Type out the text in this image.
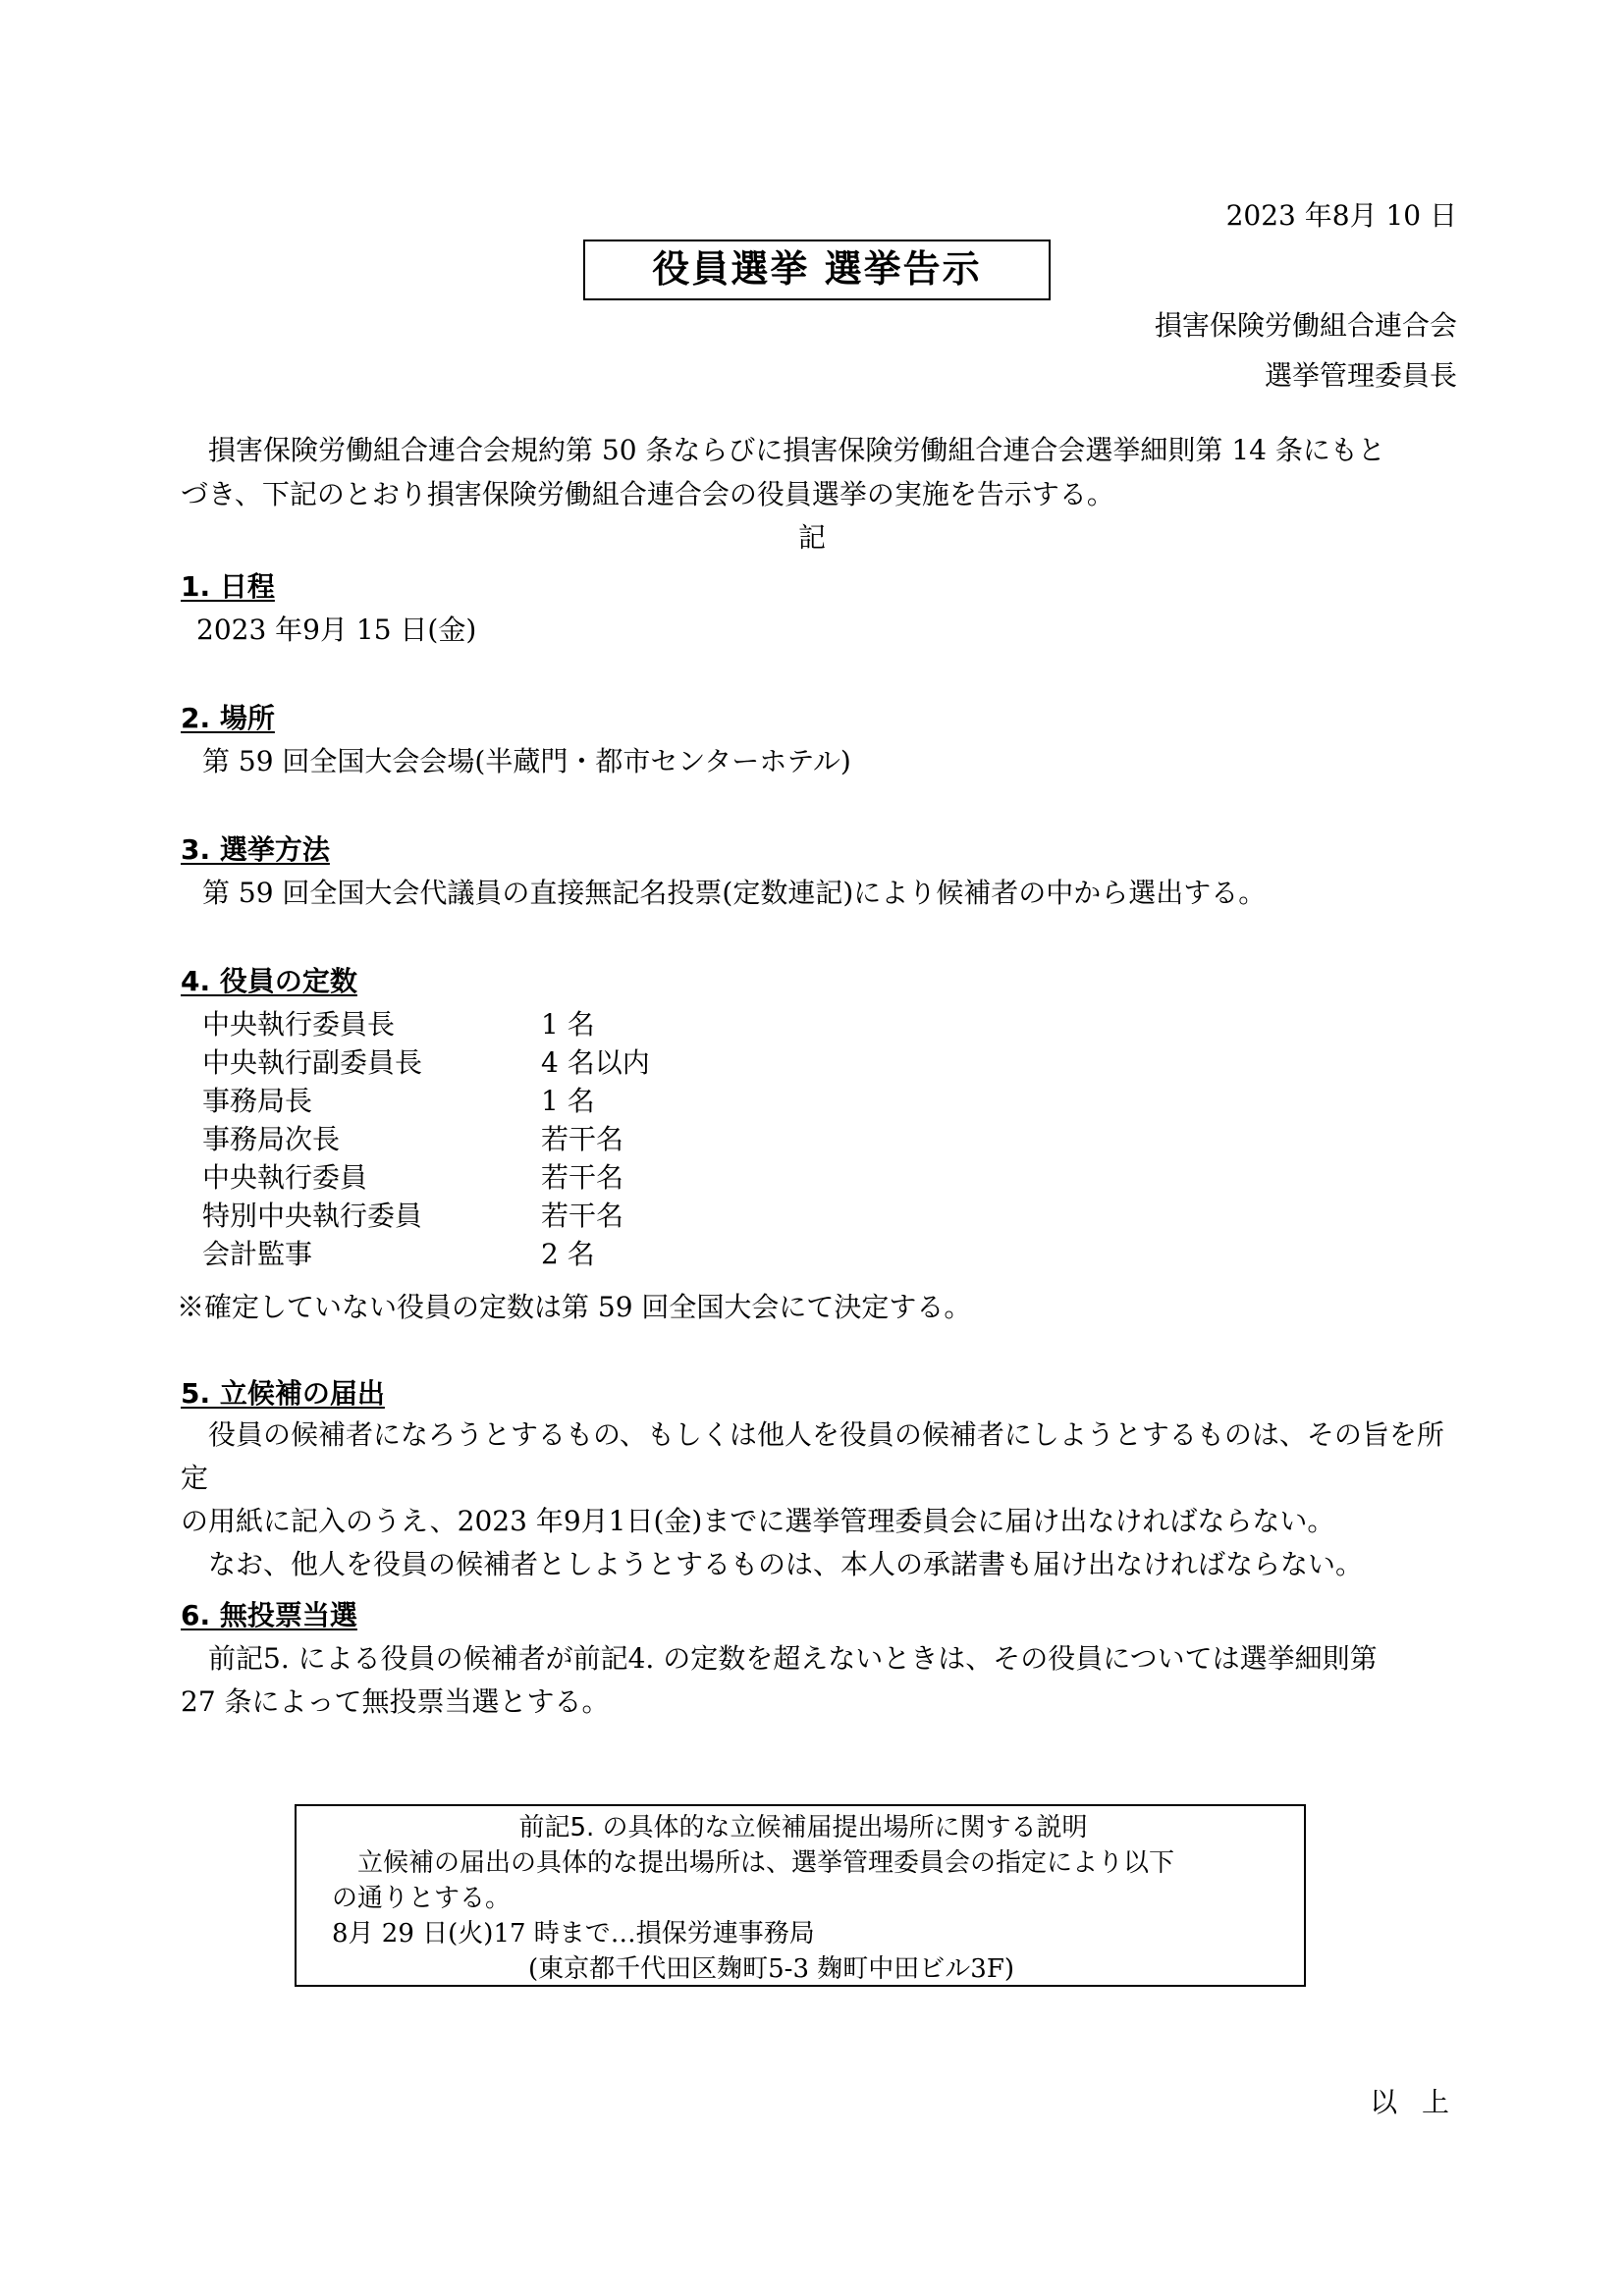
2023 年8月 10 日
役員選挙 選挙告示
損害保険労働組合連合会
選挙管理委員長
損害保険労働組合連合会規約第 50 条ならびに損害保険労働組合連合会選挙細則第 14 条にもと
づき、下記のとおり損害保険労働組合連合会の役員選挙の実施を告示する。
記
1. 日程
2023 年9月 15 日(金)
2. 場所
第 59 回全国大会会場(半蔵門・都市センターホテル)
3. 選挙方法
第 59 回全国大会代議員の直接無記名投票(定数連記)により候補者の中から選出する。
4. 役員の定数
中央執行委員長	1 名
中央執行副委員長	4 名以内
事務局長	1 名
事務局次長	若干名
中央執行委員	若干名
特別中央執行委員	若干名
会計監事	2 名
※確定していない役員の定数は第 59 回全国大会にて決定する。
5. 立候補の届出
役員の候補者になろうとするもの、もしくは他人を役員の候補者にしようとするものは、その旨を所定
の用紙に記入のうえ、2023 年9月1日(金)までに選挙管理委員会に届け出なければならない。
なお、他人を役員の候補者としようとするものは、本人の承諾書も届け出なければならない。
6. 無投票当選
前記5. による役員の候補者が前記4. の定数を超えないときは、その役員については選挙細則第
27 条によって無投票当選とする。
前記5. の具体的な立候補届提出場所に関する説明
立候補の届出の具体的な提出場所は、選挙管理委員会の指定により以下
の通りとする。
8月 29 日(火)17 時まで…損保労連事務局
(東京都千代田区麹町5-3 麹町中田ビル3F)
以 上
